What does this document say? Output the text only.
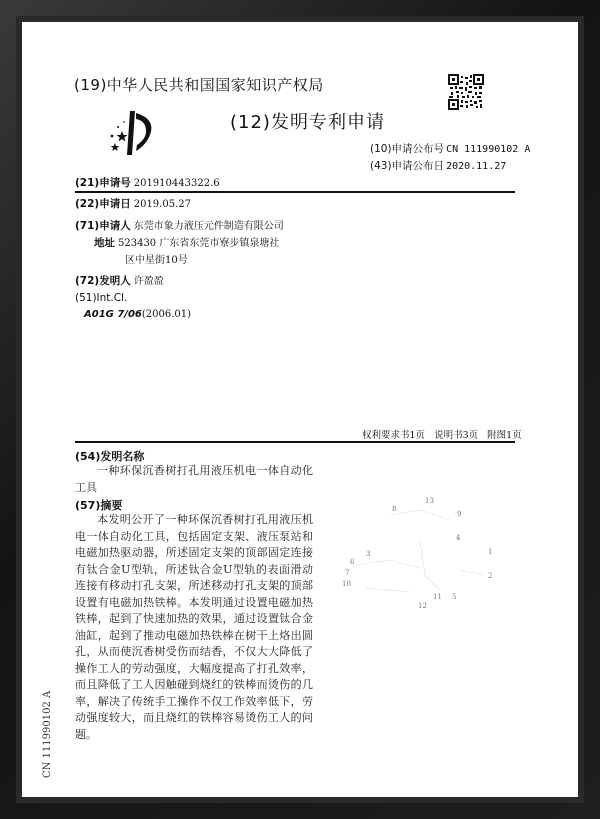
(19)中华人民共和国国家知识产权局
(12)发明专利申请
(10)申请公布号 CN 111990102 A
(43)申请公布日 2020.11.27
(21)申请号 201910443322.6
(22)申请日 2019.05.27
(71)申请人 东莞市象力液压元件制造有限公司
地址 523430 广东省东莞市寮步镇泉塘社
区中星街10号
(72)发明人 许盈盈
(51)Int.Cl.
A01G 7/06(2006.01)
权利要求书1页 说明书3页 附图1页
(54)发明名称
一种环保沉香树打孔用液压机电一体自动化工具
(57)摘要
本发明公开了一种环保沉香树打孔用液压机电一体自动化工具，包括固定支架、液压泵站和电磁加热驱动器，所述固定支架的顶部固定连接有钛合金U型轨，所述钛合金U型轨的表面滑动连接有移动打孔支架，所述移动打孔支架的顶部设置有电磁加热铁棒。本发明通过设置电磁加热铁棒，起到了快速加热的效果，通过设置钛合金油缸，起到了推动电磁加热铁棒在树干上烙出圆孔，从而使沉香树受伤而结香，不仅大大降低了操作工人的劳动强度，大幅度提高了打孔效率，而且降低了工人因触碰到烧红的铁棒而烫伤的几率，解决了传统手工操作不仅工作效率低下，劳动强度较大，而且烧红的铁棒容易烫伤工人的问题。
8
13
9
4
3
6
1
7	2
10
11 5
12
CN 111990102 A
